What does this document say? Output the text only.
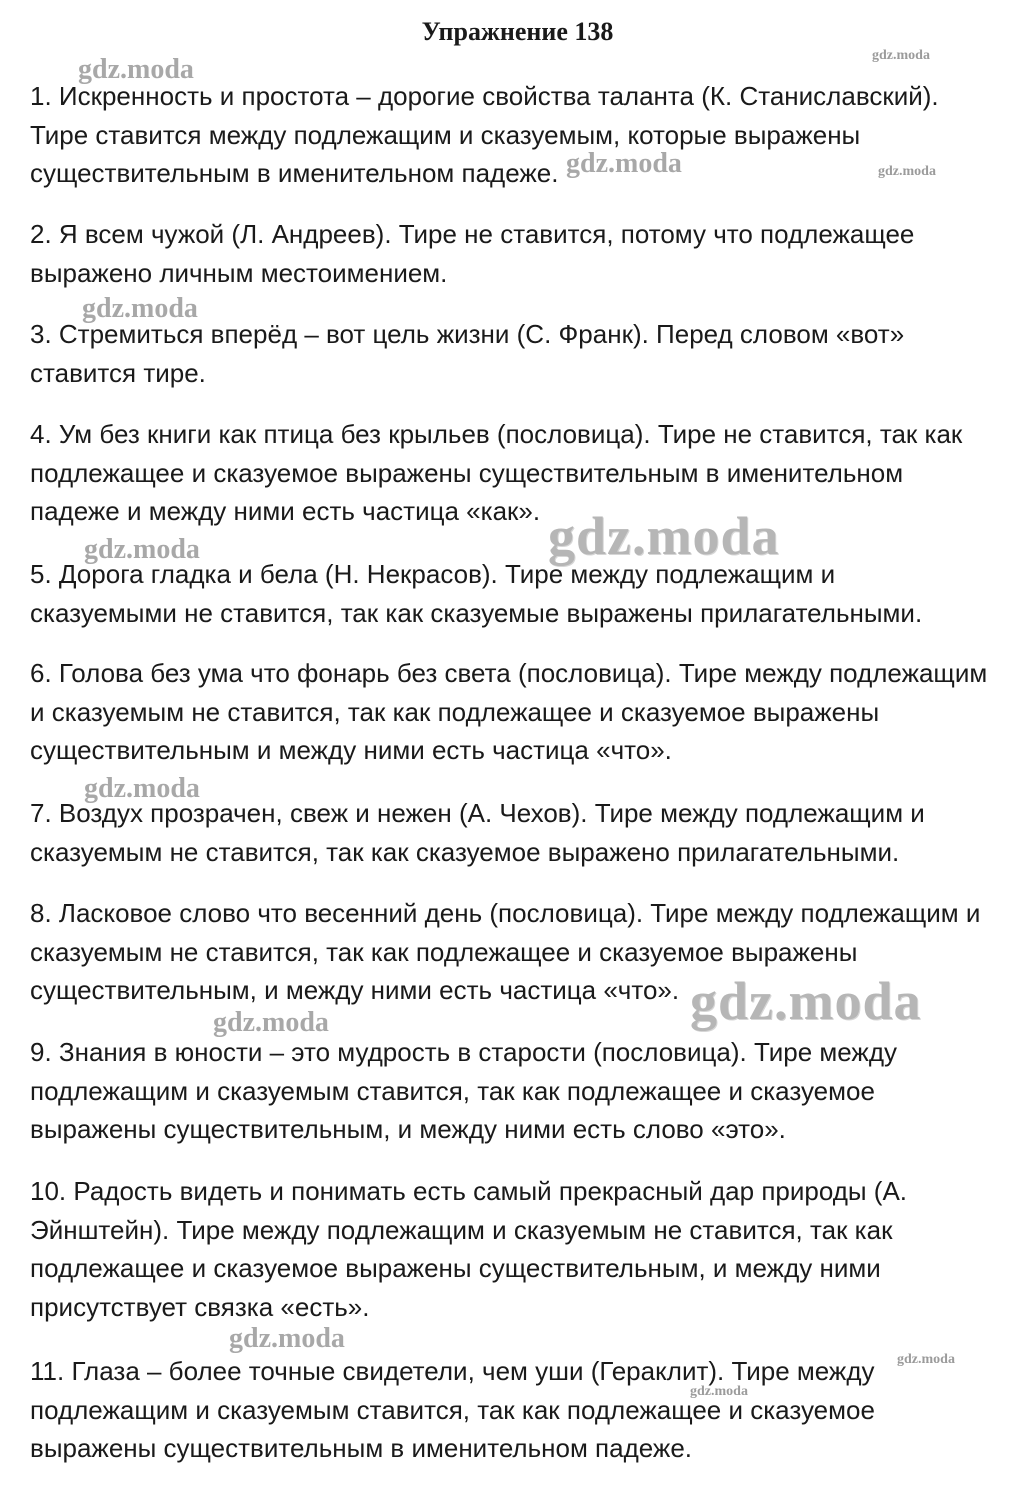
Упражнение 138
gdz.moda	gdz.moda
gdz.moda	gdz.moda
gdz.moda
gdz.moda
gdz.moda
gdz.moda
gdz.moda
gdz.moda
gdz.moda
gdz.moda
gdz.moda
1. Искренность и простота – дорогие свойства таланта (К. Станиславский).
Тире ставится между подлежащим и сказуемым, которые выражены
существительным в именительном падеже.
2. Я всем чужой (Л. Андреев). Тире не ставится, потому что подлежащее
выражено личным местоимением.
3. Стремиться вперёд – вот цель жизни (С. Франк). Перед словом «вот»
ставится тире.
4. Ум без книги как птица без крыльев (пословица). Тире не ставится, так как
подлежащее и сказуемое выражены существительным в именительном
падеже и между ними есть частица «как».
5. Дорога гладка и бела (Н. Некрасов). Тире между подлежащим и
сказуемыми не ставится, так как сказуемые выражены прилагательными.
6. Голова без ума что фонарь без света (пословица). Тире между подлежащим
и сказуемым не ставится, так как подлежащее и сказуемое выражены
существительным и между ними есть частица «что».
7. Воздух прозрачен, свеж и нежен (А. Чехов). Тире между подлежащим и
сказуемым не ставится, так как сказуемое выражено прилагательными.
8. Ласковое слово что весенний день (пословица). Тире между подлежащим и
сказуемым не ставится, так как подлежащее и сказуемое выражены
существительным, и между ними есть частица «что».
9. Знания в юности – это мудрость в старости (пословица). Тире между
подлежащим и сказуемым ставится, так как подлежащее и сказуемое
выражены существительным, и между ними есть слово «это».
10. Радость видеть и понимать есть самый прекрасный дар природы (А.
Эйнштейн). Тире между подлежащим и сказуемым не ставится, так как
подлежащее и сказуемое выражены существительным, и между ними
присутствует связка «есть».
11. Глаза – более точные свидетели, чем уши (Гераклит). Тире между
подлежащим и сказуемым ставится, так как подлежащее и сказуемое
выражены существительным в именительном падеже.
